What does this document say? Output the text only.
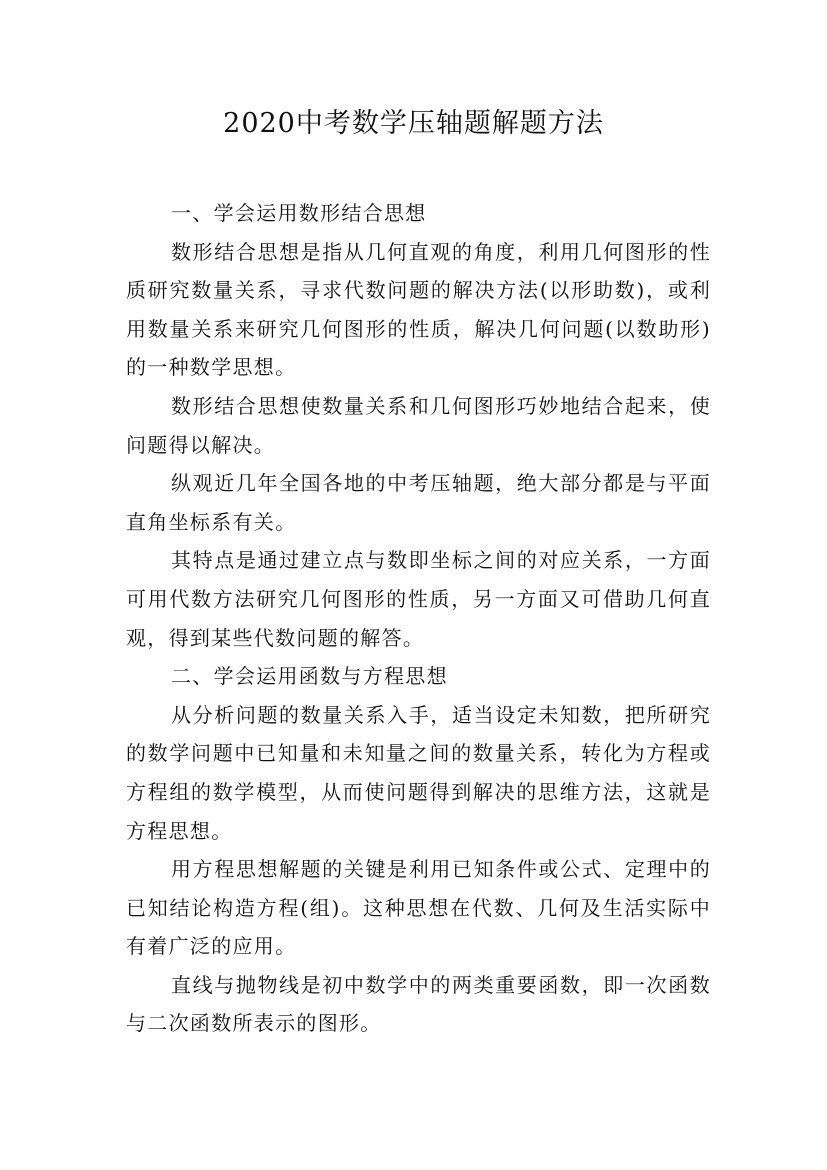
2020中考数学压轴题解题方法

一、学会运用数形结合思想

数形结合思想是指从几何直观的角度，利用几何图形的性质研究数量关系，寻求代数问题的解决方法(以形助数)，或利用数量关系来研究几何图形的性质，解决几何问题(以数助形)的一种数学思想。

数形结合思想使数量关系和几何图形巧妙地结合起来，使问题得以解决。

纵观近几年全国各地的中考压轴题，绝大部分都是与平面直角坐标系有关。

其特点是通过建立点与数即坐标之间的对应关系，一方面可用代数方法研究几何图形的性质，另一方面又可借助几何直观，得到某些代数问题的解答。

二、学会运用函数与方程思想

从分析问题的数量关系入手，适当设定未知数，把所研究的数学问题中已知量和未知量之间的数量关系，转化为方程或方程组的数学模型，从而使问题得到解决的思维方法，这就是方程思想。

用方程思想解题的关键是利用已知条件或公式、定理中的已知结论构造方程(组)。这种思想在代数、几何及生活实际中有着广泛的应用。

直线与抛物线是初中数学中的两类重要函数，即一次函数与二次函数所表示的图形。
